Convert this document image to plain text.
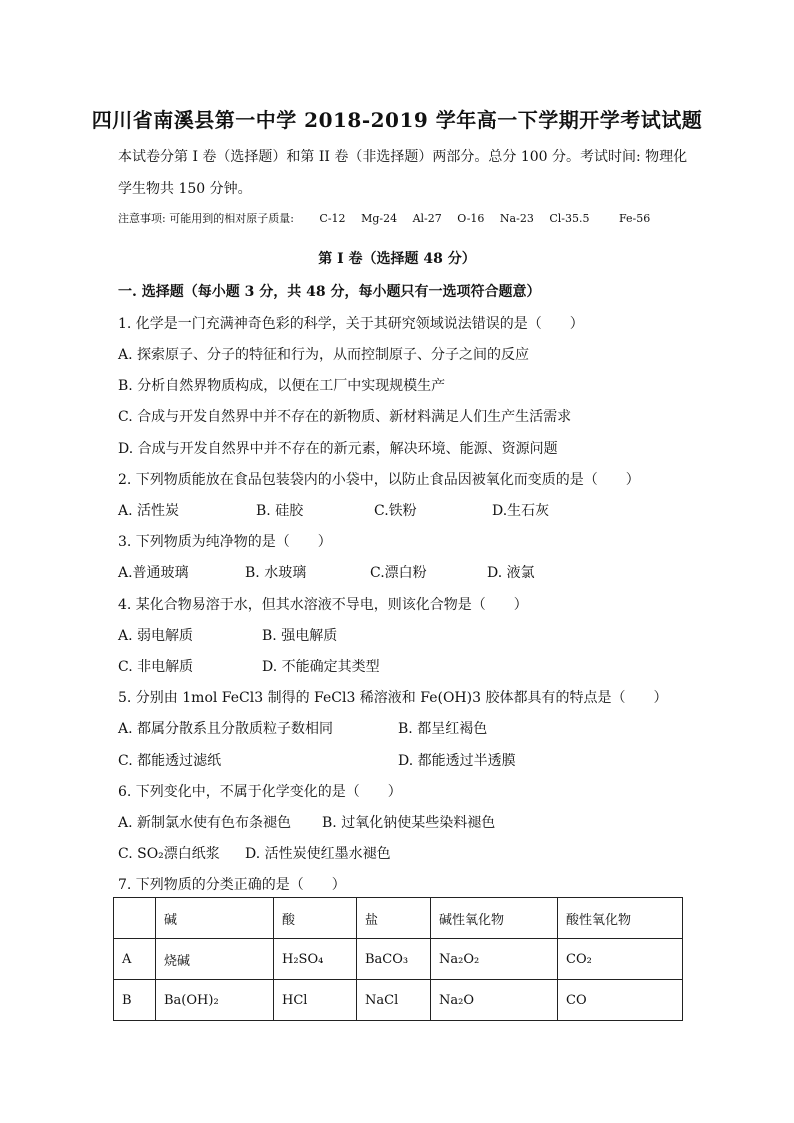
四川省南溪县第一中学 2018-2019 学年高一下学期开学考试试题
本试卷分第 I 卷（选择题）和第 II 卷（非选择题）两部分。总分 100 分。考试时间: 物理化
学生物共 150 分钟。
注意事项: 可能用到的相对原子质量: C-12 Mg-24 Al-27 O-16 Na-23 Cl-35.5	Fe-56
第 I 卷（选择题 48 分）
一. 选择题（每小题 3 分，共 48 分，每小题只有一选项符合题意）
1. 化学是一门充满神奇色彩的科学，关于其研究领域说法错误的是（　　）
A. 探索原子、分子的特征和行为，从而控制原子、分子之间的反应
B. 分析自然界物质构成，以便在工厂中实现规模生产
C. 合成与开发自然界中并不存在的新物质、新材料满足人们生产生活需求
D. 合成与开发自然界中并不存在的新元素，解决环境、能源、资源问题
2. 下列物质能放在食品包装袋内的小袋中，以防止食品因被氧化而变质的是（　　）
A. 活性炭	B. 硅胶	C.铁粉	D.生石灰
3. 下列物质为纯净物的是（　　）
A.普通玻璃	B. 水玻璃	C.漂白粉	D. 液氯
4. 某化合物易溶于水，但其水溶液不导电，则该化合物是（　　）
A. 弱电解质	B. 强电解质
C. 非电解质	D. 不能确定其类型
5. 分别由 1mol FeCl3 制得的 FeCl3 稀溶液和 Fe(OH)3 胶体都具有的特点是（　　）
A. 都属分散系且分散质粒子数相同	B. 都呈红褐色
C. 都能透过滤纸	D. 都能透过半透膜
6. 下列变化中，不属于化学变化的是（　　）
A. 新制氯水使有色布条褪色 B. 过氧化钠使某些染料褪色
C. SO₂漂白纸浆 D. 活性炭使红墨水褪色
7. 下列物质的分类正确的是（　　）
	碱	酸	盐	碱性氧化物	酸性氧化物
A	烧碱	H₂SO₄	BaCO₃	Na₂O₂	CO₂
B	Ba(OH)₂	HCl	NaCl	Na₂O	CO
